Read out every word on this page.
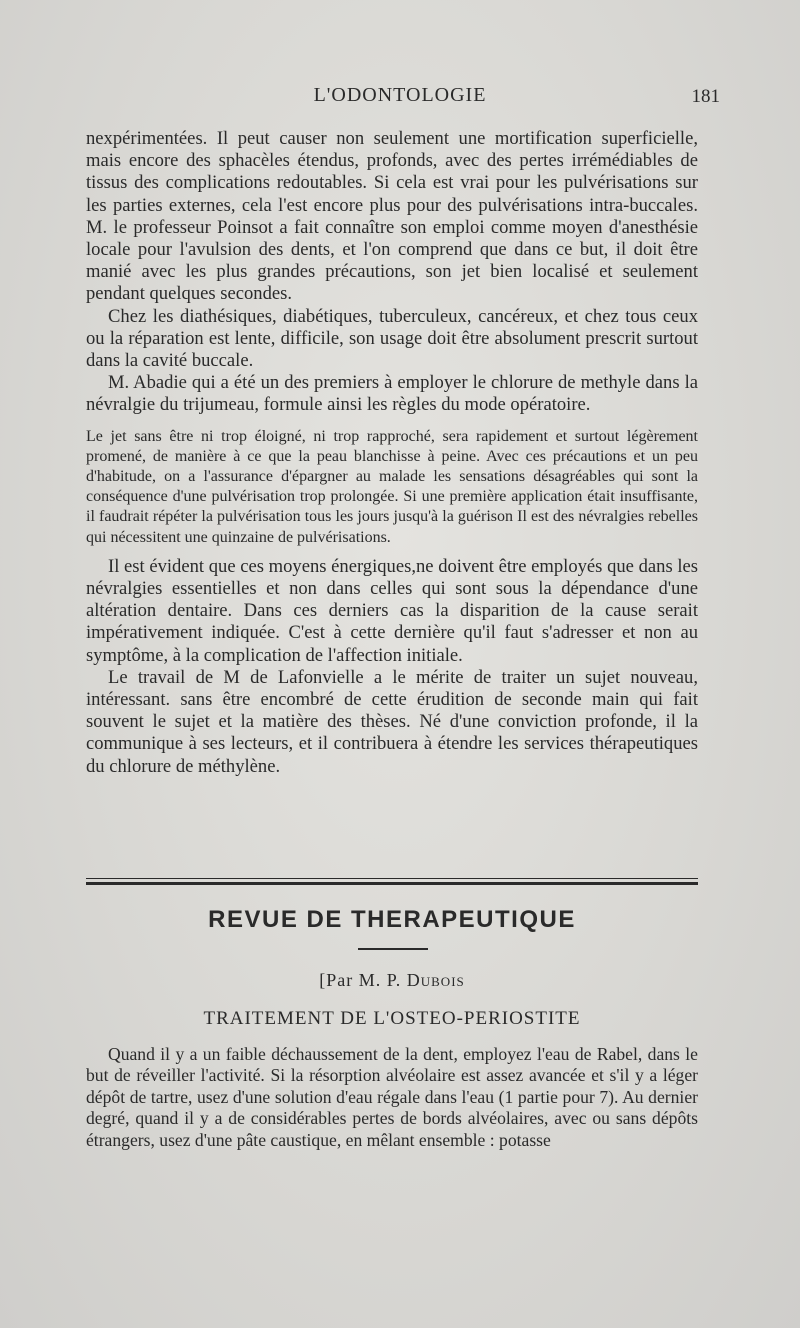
L'ODONTOLOGIE	181

nexpérimentées. Il peut causer non seulement une mortification superficielle, mais encore des sphacèles étendus, profonds, avec des pertes irrémédiables de tissus des complications redoutables. Si cela est vrai pour les pulvérisations sur les parties externes, cela l'est encore plus pour des pulvérisations intra-buccales. M. le professeur Poinsot a fait connaître son emploi comme moyen d'anesthésie locale pour l'avulsion des dents, et l'on comprend que dans ce but, il doit être manié avec les plus grandes précautions, son jet bien localisé et seulement pendant quelques secondes.

Chez les diathésiques, diabétiques, tuberculeux, cancéreux, et chez tous ceux ou la réparation est lente, difficile, son usage doit être absolument prescrit surtout dans la cavité buccale.

M. Abadie qui a été un des premiers à employer le chlorure de methyle dans la névralgie du trijumeau, formule ainsi les règles du mode opératoire.

Le jet sans être ni trop éloigné, ni trop rapproché, sera rapidement et surtout légèrement promené, de manière à ce que la peau blanchisse à peine. Avec ces précautions et un peu d'habitude, on a l'assurance d'épargner au malade les sensations désagréables qui sont la conséquence d'une pulvérisation trop prolongée. Si une première application était insuffisante, il faudrait répéter la pulvérisation tous les jours jusqu'à la guérison Il est des névralgies rebelles qui nécessitent une quinzaine de pulvérisations.

Il est évident que ces moyens énergiques,ne doivent être employés que dans les névralgies essentielles et non dans celles qui sont sous la dépendance d'une altération dentaire. Dans ces derniers cas la disparition de la cause serait impérativement indiquée. C'est à cette dernière qu'il faut s'adresser et non au symptôme, à la complication de l'affection initiale.

Le travail de M de Lafonvielle a le mérite de traiter un sujet nouveau, intéressant. sans être encombré de cette érudition de seconde main qui fait souvent le sujet et la matière des thèses. Né d'une conviction profonde, il la communique à ses lecteurs, et il contribuera à étendre les services thérapeutiques du chlorure de méthylène.

REVUE DE THERAPEUTIQUE
[Par M. P. Dubois
TRAITEMENT DE L'OSTEO-PERIOSTITE

Quand il y a un faible déchaussement de la dent, employez l'eau de Rabel, dans le but de réveiller l'activité. Si la résorption alvéolaire est assez avancée et s'il y a léger dépôt de tartre, usez d'une solution d'eau régale dans l'eau (1 partie pour 7). Au dernier degré, quand il y a de considérables pertes de bords alvéolaires, avec ou sans dépôts étrangers, usez d'une pâte caustique, en mêlant ensemble : potasse
